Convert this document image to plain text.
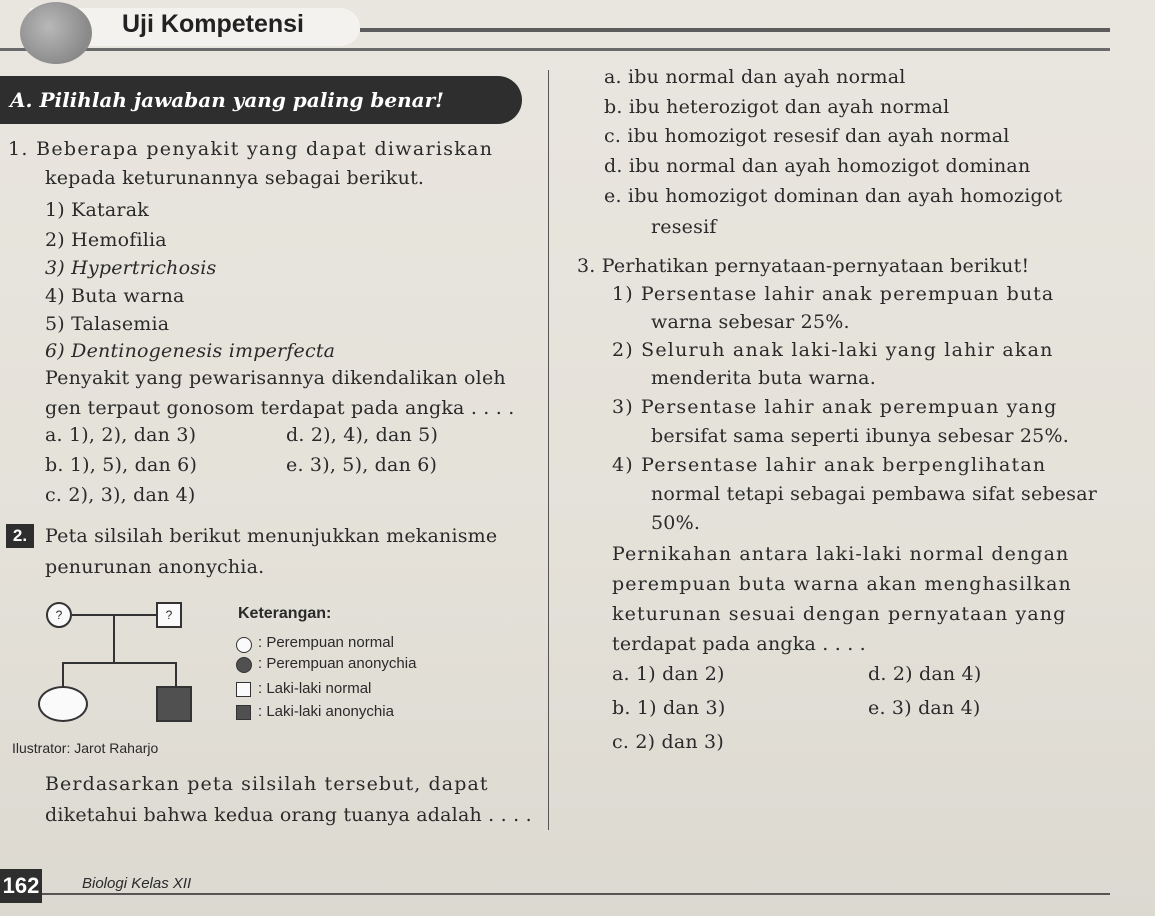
Uji Kompetensi
A. Pilihlah jawaban yang paling benar!
1. Beberapa penyakit yang dapat diwariskan
kepada keturunannya sebagai berikut.
1) Katarak
2) Hemofilia
3) Hypertrichosis
4) Buta warna
5) Talasemia
6) Dentinogenesis imperfecta
Penyakit yang pewarisannya dikendalikan oleh
gen terpaut gonosom terdapat pada angka . . . .
a. 1), 2), dan 3)
b. 1), 5), dan 6)
c. 2), 3), dan 4)
d. 2), 4), dan 5)
e. 3), 5), dan 6)
2. Peta silsilah berikut menunjukkan mekanisme
penurunan anonychia.
?	?	Keterangan:
: Perempuan normal
: Perempuan anonychia
: Laki-laki normal
: Laki-laki anonychia
Ilustrator: Jarot Raharjo
Berdasarkan peta silsilah tersebut, dapat
diketahui bahwa kedua orang tuanya adalah . . . .
a. ibu normal dan ayah normal
b. ibu heterozigot dan ayah normal
c. ibu homozigot resesif dan ayah normal
d. ibu normal dan ayah homozigot dominan
e. ibu homozigot dominan dan ayah homozigot
resesif
3. Perhatikan pernyataan-pernyataan berikut!
1) Persentase lahir anak perempuan buta
warna sebesar 25%.
2) Seluruh anak laki-laki yang lahir akan
menderita buta warna.
3) Persentase lahir anak perempuan yang
bersifat sama seperti ibunya sebesar 25%.
4) Persentase lahir anak berpenglihatan
normal tetapi sebagai pembawa sifat sebesar
50%.
Pernikahan antara laki-laki normal dengan
perempuan buta warna akan menghasilkan
keturunan sesuai dengan pernyataan yang
terdapat pada angka . . . .
a. 1) dan 2)
b. 1) dan 3)
c. 2) dan 3)
d. 2) dan 4)
e. 3) dan 4)
162	Biologi Kelas XII
